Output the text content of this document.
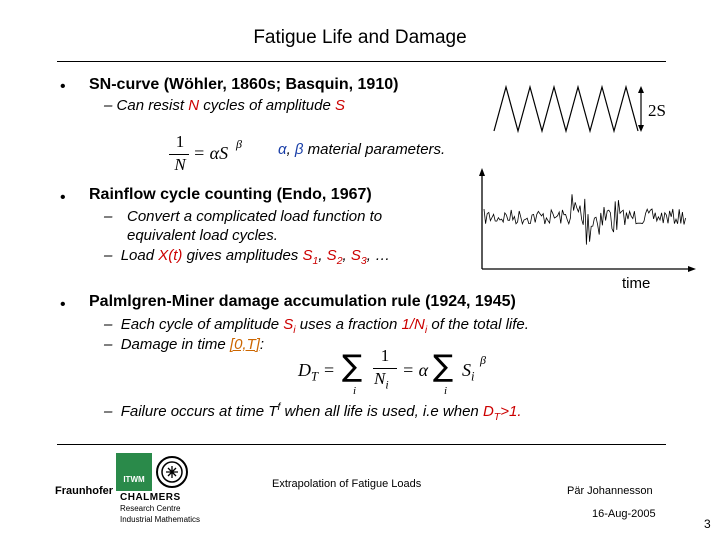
Fatigue Life and Damage
• SN-curve (Wöhler, 1860s; Basquin, 1910)
– Can resist N cycles of amplitude S
1
N
= αS β α, β material parameters.
2S
• Rainflow cycle counting (Endo, 1967)
– Convert a complicated load function to
equivalent load cycles.
– Load X(t) gives amplitudes $S_1$, $S_2$, $S_3$, …
time
• Palmlgren-Miner damage accumulation rule (1924, 1945)
– Each cycle of amplitude $S_i$ uses a fraction $1/N_i$ of the total life.
– Damage in time [0,T]:
$D_T$ = ∑
i
1
$N_i$
= α ∑
i
$S_i$
β
– Failure occurs at time $T^f$ when all life is used, i.e when $D_T>1$.
ITWM
Fraunhofer
CHALMERS
Research Centre
Industrial Mathematics
Extrapolation of Fatigue Loads
Pär Johannesson
16-Aug-2005
3
